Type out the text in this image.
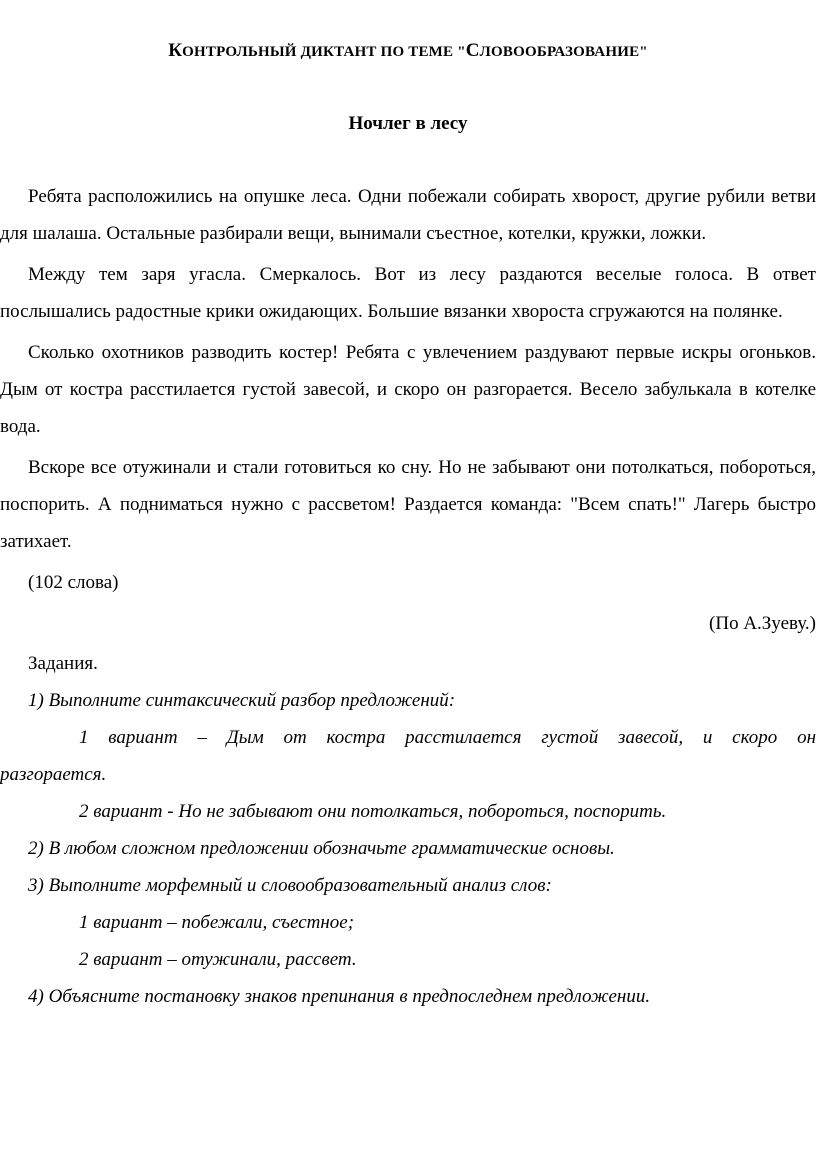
КОНТРОЛЬНЫЙ ДИКТАНТ ПО ТЕМЕ "СЛОВООБРАЗОВАНИЕ"
Ночлег в лесу

Ребята расположились на опушке леса. Одни побежали собирать хворост, другие рубили ветви для шалаша. Остальные разбирали вещи, вынимали съестное, котелки, кружки, ложки.

Между тем заря угасла. Смеркалось. Вот из лесу раздаются веселые голоса. В ответ послышались радостные крики ожидающих. Большие вязанки хвороста сгружаются на полянке.

Сколько охотников разводить костер! Ребята с увлечением раздувают первые искры огоньков. Дым от костра расстилается густой завесой, и скоро он разгорается. Весело забулькала в котелке вода.

Вскоре все отужинали и стали готовиться ко сну. Но не забывают они потолкаться, побороться, поспорить. А подниматься нужно с рассветом! Раздается команда: "Всем спать!" Лагерь быстро затихает.

(102 слова)

(По А.Зуеву.)

Задания.

1) Выполните синтаксический разбор предложений:

1 вариант – Дым от костра расстилается густой завесой, и скоро он разгорается.

2 вариант - Но не забывают они потолкаться, побороться, поспорить.

2) В любом сложном предложении обозначьте грамматические основы.

3) Выполните морфемный и словообразовательный анализ слов:

1 вариант – побежали, съестное;

2 вариант – отужинали, рассвет.

4) Объясните постановку знаков препинания в предпоследнем предложении.
